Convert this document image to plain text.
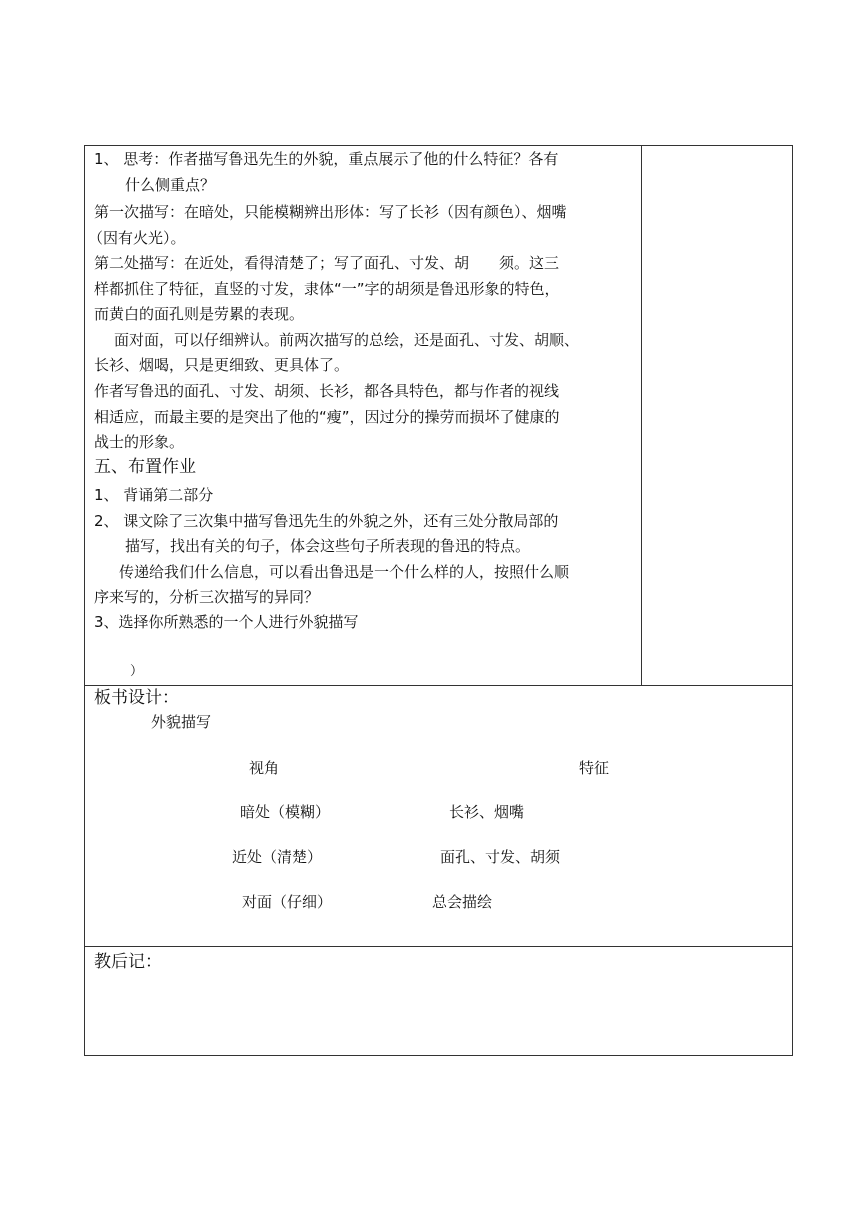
1、 思考：作者描写鲁迅先生的外貌，重点展示了他的什么特征？各有
什么侧重点？
第一次描写：在暗处，只能模糊辨出形体：写了长衫（因有颜色）、烟嘴
（因有火光）。
第二处描写：在近处，看得清楚了；写了面孔、寸发、胡　　须。这三
样都抓住了特征，直竖的寸发，隶体“一”字的胡须是鲁迅形象的特色，
而黄白的面孔则是劳累的表现。
面对面，可以仔细辨认。前两次描写的总绘，还是面孔、寸发、胡顺、
长衫、烟喝，只是更细致、更具体了。
作者写鲁迅的面孔、寸发、胡须、长衫，都各具特色，都与作者的视线
相适应，而最主要的是突出了他的“瘦”，因过分的操劳而损坏了健康的
战士的形象。
五、布置作业
1、 背诵第二部分
2、 课文除了三次集中描写鲁迅先生的外貌之外，还有三处分散局部的
描写，找出有关的句子，体会这些句子所表现的鲁迅的特点。
传递给我们什么信息，可以看出鲁迅是一个什么样的人，按照什么顺
序来写的，分析三次描写的异同？
3、选择你所熟悉的一个人进行外貌描写
）
板书设计：
外貌描写
视角	特征
暗处（模糊）	长衫、烟嘴
近处（清楚）	面孔、寸发、胡须
对面（仔细）	总会描绘
教后记：
